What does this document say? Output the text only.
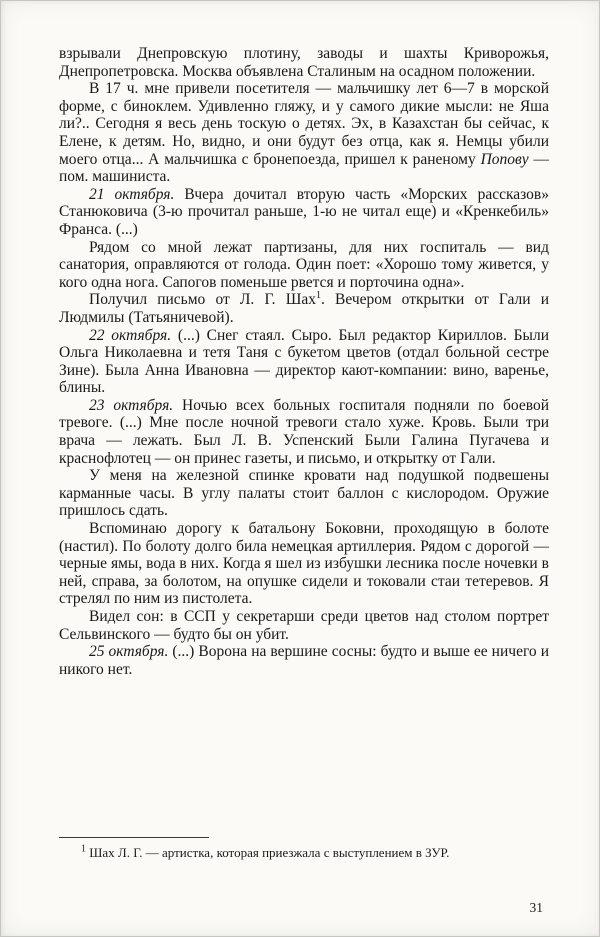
взрывали Днепровскую плотину, заводы и шахты Криворожья, Днепропетровска. Москва объявлена Сталиным на осадном положении.

В 17 ч. мне привели посетителя — мальчишку лет 6—7 в морской форме, с биноклем. Удивленно гляжу, и у самого дикие мысли: не Яша ли?.. Сегодня я весь день тоскую о детях. Эх, в Казахстан бы сейчас, к Елене, к детям. Но, видно, и они будут без отца, как я. Немцы убили моего отца... А мальчишка с бронепоезда, пришел к раненому Попову — пом. машиниста.

21 октября. Вчера дочитал вторую часть «Морских рассказов» Станюковича (3-ю прочитал раньше, 1-ю не читал еще) и «Кренкебиль» Франса. (...)

Рядом со мной лежат партизаны, для них госпиталь — вид санатория, оправляются от голода. Один поет: «Хорошо тому живется, у кого одна нога. Сапогов поменьше рвется и порточина одна».

Получил письмо от Л. Г. Шах$^1$. Вечером открытки от Гали и Людмилы (Татьяничевой).

22 октября. (...) Снег стаял. Сыро. Был редактор Кириллов. Были Ольга Николаевна и тетя Таня с букетом цветов (отдал больной сестре Зине). Была Анна Ивановна — директор кают-компании: вино, варенье, блины.

23 октября. Ночью всех больных госпиталя подняли по боевой тревоге. (...) Мне после ночной тревоги стало хуже. Кровь. Были три врача — лежать. Был Л. В. Успенский Были Галина Пугачева и краснофлотец — он принес газеты, и письмо, и открытку от Гали.

У меня на железной спинке кровати над подушкой подвешены карманные часы. В углу палаты стоит баллон с кислородом. Оружие пришлось сдать.

Вспоминаю дорогу к батальону Боковни, проходящую в болоте (настил). По болоту долго била немецкая артиллерия. Рядом с дорогой — черные ямы, вода в них. Когда я шел из избушки лесника после ночевки в ней, справа, за болотом, на опушке сидели и токовали стаи тетеревов. Я стрелял по ним из пистолета.

Видел сон: в ССП у секретарши среди цветов над столом портрет Сельвинского — будто бы он убит.

25 октября. (...) Ворона на вершине сосны: будто и выше ее ничего и никого нет.

$^1$ Шах Л. Г. — артистка, которая приезжала с выступлением в ЗУР.
31
